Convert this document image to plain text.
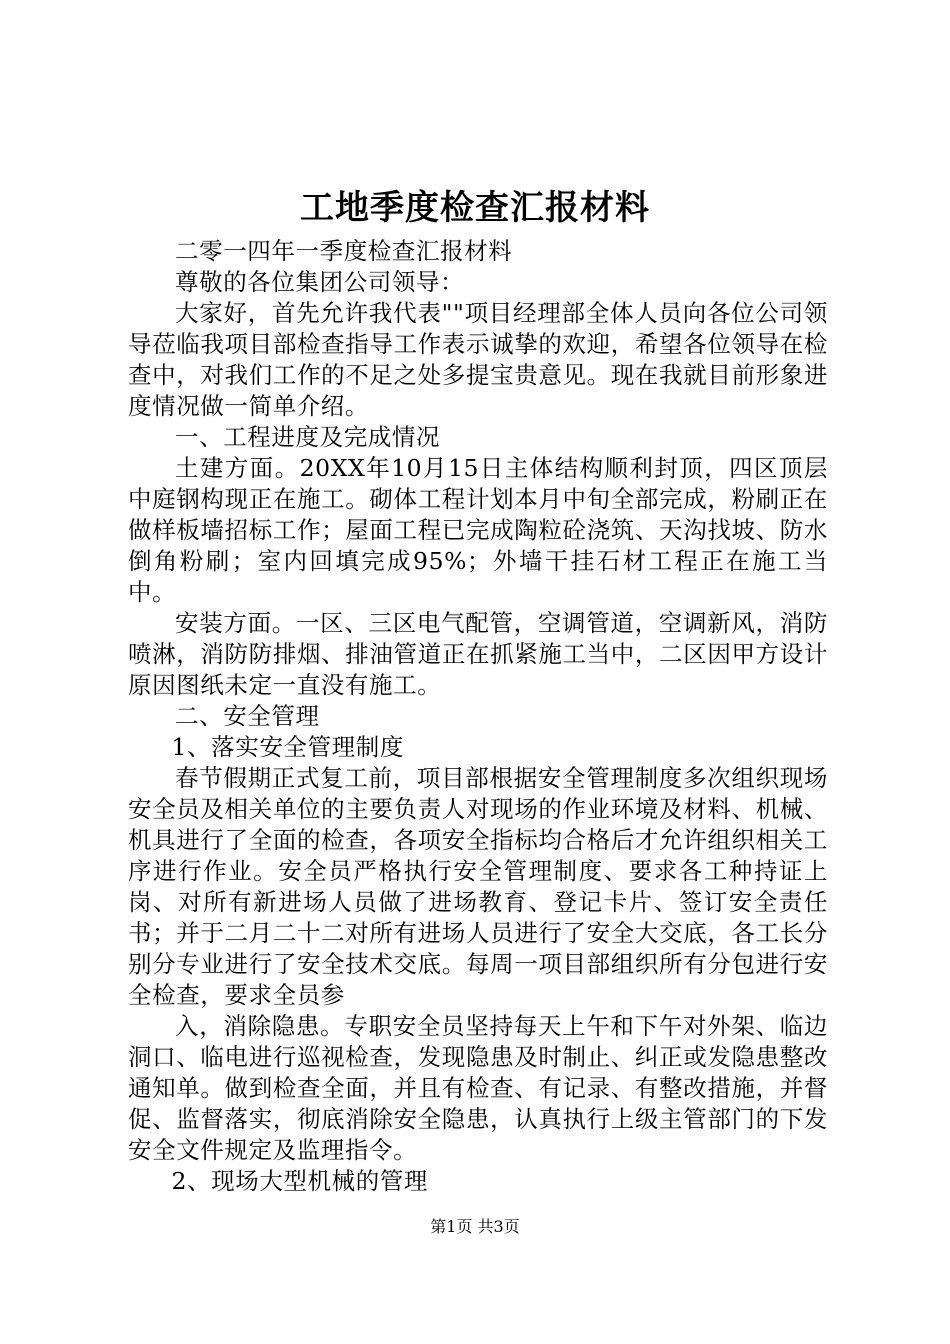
工地季度检查汇报材料

二零一四年一季度检查汇报材料

尊敬的各位集团公司领导：

大家好，首先允许我代表""项目经理部全体人员向各位公司领导莅临我项目部检查指导工作表示诚挚的欢迎，希望各位领导在检查中，对我们工作的不足之处多提宝贵意见。现在我就目前形象进度情况做一简单介绍。

一、工程进度及完成情况

土建方面。20XX年10月15日主体结构顺利封顶，四区顶层中庭钢构现正在施工。砌体工程计划本月中旬全部完成，粉刷正在做样板墙招标工作；屋面工程已完成陶粒砼浇筑、天沟找坡、防水倒角粉刷；室内回填完成95%；外墙干挂石材工程正在施工当中。

安装方面。一区、三区电气配管，空调管道，空调新风，消防喷淋，消防防排烟、排油管道正在抓紧施工当中，二区因甲方设计原因图纸未定一直没有施工。

二、安全管理

1、落实安全管理制度

春节假期正式复工前，项目部根据安全管理制度多次组织现场安全员及相关单位的主要负责人对现场的作业环境及材料、机械、机具进行了全面的检查，各项安全指标均合格后才允许组织相关工序进行作业。安全员严格执行安全管理制度、要求各工种持证上岗、对所有新进场人员做了进场教育、登记卡片、签订安全责任书；并于二月二十二对所有进场人员进行了安全大交底，各工长分别分专业进行了安全技术交底。每周一项目部组织所有分包进行安全检查，要求全员参

入，消除隐患。专职安全员坚持每天上午和下午对外架、临边洞口、临电进行巡视检查，发现隐患及时制止、纠正或发隐患整改通知单。做到检查全面，并且有检查、有记录、有整改措施，并督促、监督落实，彻底消除安全隐患，认真执行上级主管部门的下发安全文件规定及监理指令。

2、现场大型机械的管理

第1页 共3页
